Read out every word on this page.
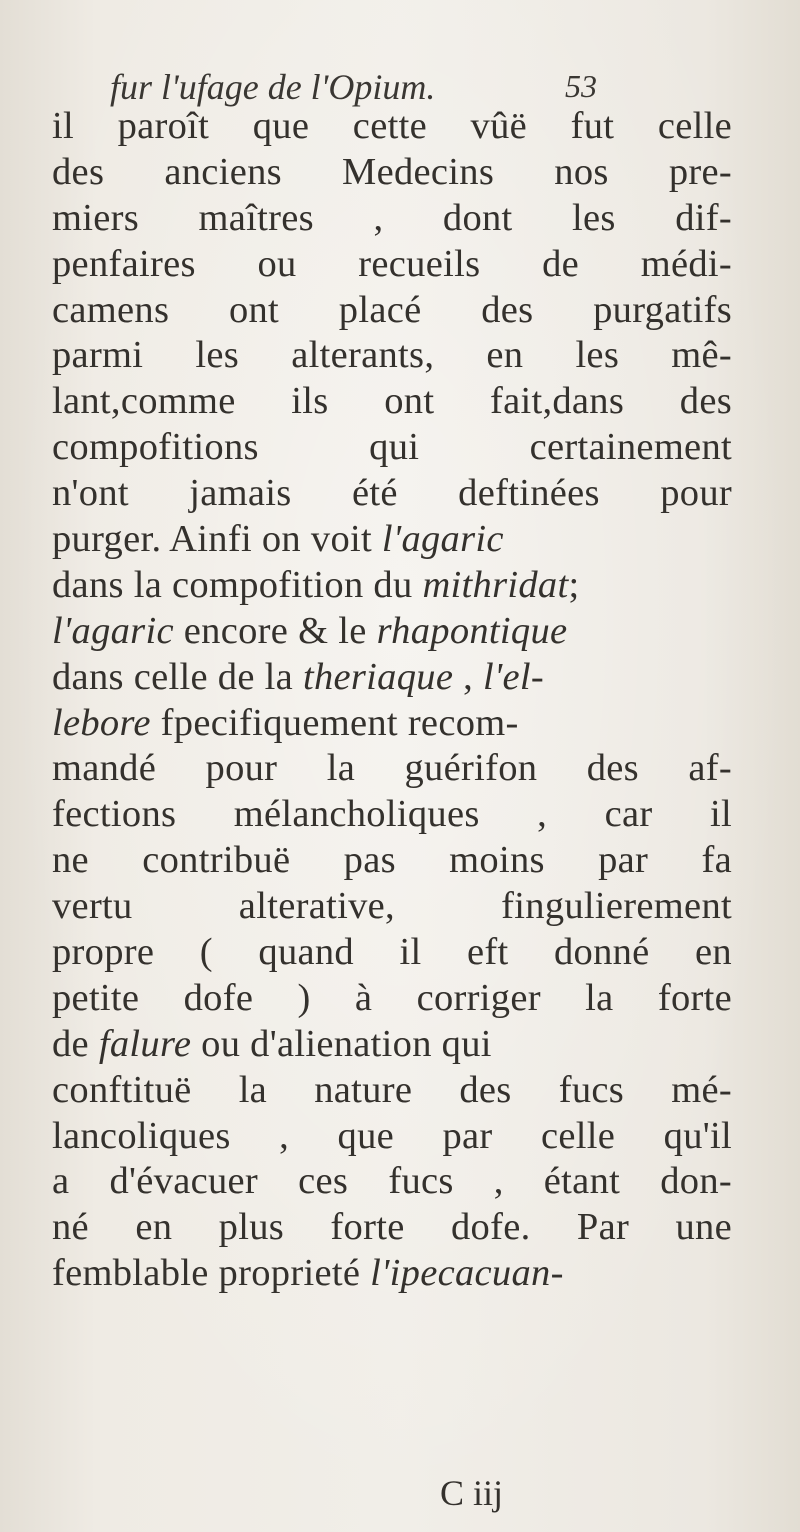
fur l'ufage de l'Opium.	53
il paroît que cette vûë fut celle
des anciens Medecins nos pre-
miers maîtres , dont les dif-
penfaires ou recueils de médi-
camens ont placé des purgatifs
parmi les alterants, en les mê-
lant,comme ils ont fait,dans des
compofitions qui certainement
n'ont jamais été deftinées pour
purger. Ainfi on voit l'agaric
dans la compofition du mithridat;
l'agaric encore & le rhapontique
dans celle de la theriaque , l'el-
lebore fpecifiquement recom-
mandé pour la guérifon des af-
fections mélancholiques , car il
ne contribuë pas moins par fa
vertu alterative, fingulierement
propre ( quand il eft donné en
petite dofe ) à corriger la forte
de falure ou d'alienation qui
conftituë la nature des fucs mé-
lancoliques , que par celle qu'il
a d'évacuer ces fucs , étant don-
né en plus forte dofe. Par une
femblable proprieté l'ipecacuan-
C iij
